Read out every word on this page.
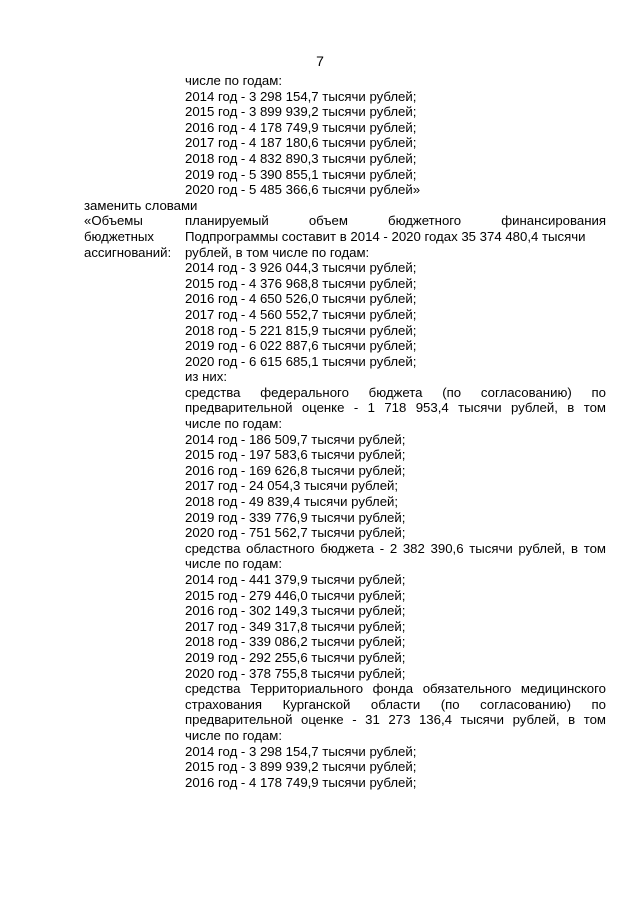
7
числе по годам:
2014 год - 3 298 154,7 тысячи рублей;
2015 год - 3 899 939,2 тысячи рублей;
2016 год - 4 178 749,9 тысячи рублей;
2017 год - 4 187 180,6 тысячи рублей;
2018 год - 4 832 890,3 тысячи рублей;
2019 год - 5 390 855,1 тысячи рублей;
2020 год - 5 485 366,6 тысячи рублей»
заменить словами
«Объемы
бюджетных
ассигнований:
планируемый объем бюджетного финансирования
Подпрограммы составит в 2014 - 2020 годах 35 374 480,4 тысячи
рублей, в том числе по годам:
2014 год - 3 926 044,3 тысячи рублей;
2015 год - 4 376 968,8 тысячи рублей;
2016 год - 4 650 526,0 тысячи рублей;
2017 год - 4 560 552,7 тысячи рублей;
2018 год - 5 221 815,9 тысячи рублей;
2019 год - 6 022 887,6 тысячи рублей;
2020 год - 6 615 685,1 тысячи рублей;
из них:
средства федерального бюджета (по согласованию) по
предварительной оценке - 1 718 953,4 тысячи рублей, в том
числе по годам:
2014 год - 186 509,7 тысячи рублей;
2015 год - 197 583,6 тысячи рублей;
2016 год - 169 626,8 тысячи рублей;
2017 год - 24 054,3 тысячи рублей;
2018 год - 49 839,4 тысячи рублей;
2019 год - 339 776,9 тысячи рублей;
2020 год - 751 562,7 тысячи рублей;
средства областного бюджета - 2 382 390,6 тысячи рублей, в том
числе по годам:
2014 год - 441 379,9 тысячи рублей;
2015 год - 279 446,0 тысячи рублей;
2016 год - 302 149,3 тысячи рублей;
2017 год - 349 317,8 тысячи рублей;
2018 год - 339 086,2 тысячи рублей;
2019 год - 292 255,6 тысячи рублей;
2020 год - 378 755,8 тысячи рублей;
средства Территориального фонда обязательного медицинского
страхования Курганской области (по согласованию) по
предварительной оценке - 31 273 136,4 тысячи рублей, в том
числе по годам:
2014 год - 3 298 154,7 тысячи рублей;
2015 год - 3 899 939,2 тысячи рублей;
2016 год - 4 178 749,9 тысячи рублей;
